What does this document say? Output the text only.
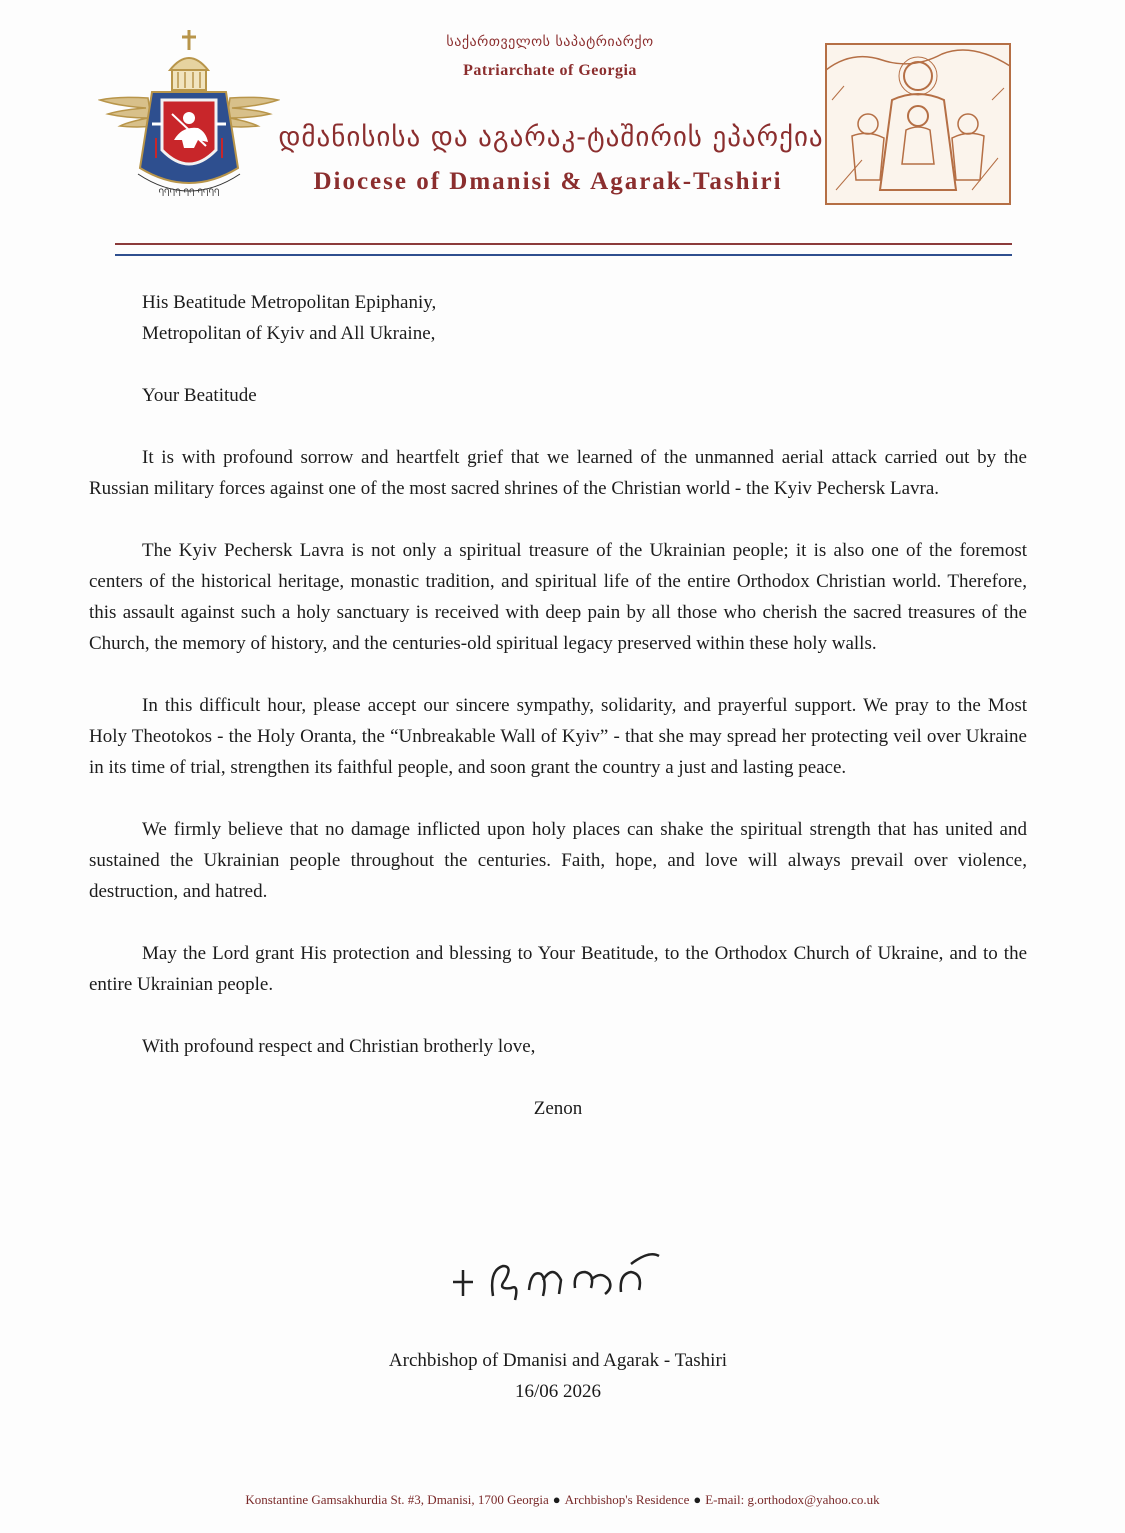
ႤႤႤႤ ႤႤ ႤႤႤႤ
საქართველოს საპატრიარქო
Patriarchate of Georgia
დმანისისა და აგარაკ-ტაშირის ეპარქია
Diocese of Dmanisi & Agarak-Tashiri

His Beatitude Metropolitan Epiphaniy,

Metropolitan of Kyiv and All Ukraine,

Your Beatitude

It is with profound sorrow and heartfelt grief that we learned of the unmanned aerial attack carried out by the Russian military forces against one of the most sacred shrines of the Christian world - the Kyiv Pechersk Lavra.

The Kyiv Pechersk Lavra is not only a spiritual treasure of the Ukrainian people; it is also one of the foremost centers of the historical heritage, monastic tradition, and spiritual life of the entire Orthodox Christian world. Therefore, this assault against such a holy sanctuary is received with deep pain by all those who cherish the sacred treasures of the Church, the memory of history, and the centuries-old spiritual legacy preserved within these holy walls.

In this difficult hour, please accept our sincere sympathy, solidarity, and prayerful support. We pray to the Most Holy Theotokos - the Holy Oranta, the “Unbreakable Wall of Kyiv” - that she may spread her protecting veil over Ukraine in its time of trial, strengthen its faithful people, and soon grant the country a just and lasting peace.

We firmly believe that no damage inflicted upon holy places can shake the spiritual strength that has united and sustained the Ukrainian people throughout the centuries. Faith, hope, and love will always prevail over violence, destruction, and hatred.

May the Lord grant His protection and blessing to Your Beatitude, to the Orthodox Church of Ukraine, and to the entire Ukrainian people.

With profound respect and Christian brotherly love,

Zenon

Archbishop of Dmanisi and Agarak - Tashiri
16/06 2026
Konstantine Gamsakhurdia St. #3, Dmanisi, 1700 Georgia ● Archbishop's Residence ● E-mail: g.orthodox@yahoo.co.uk
